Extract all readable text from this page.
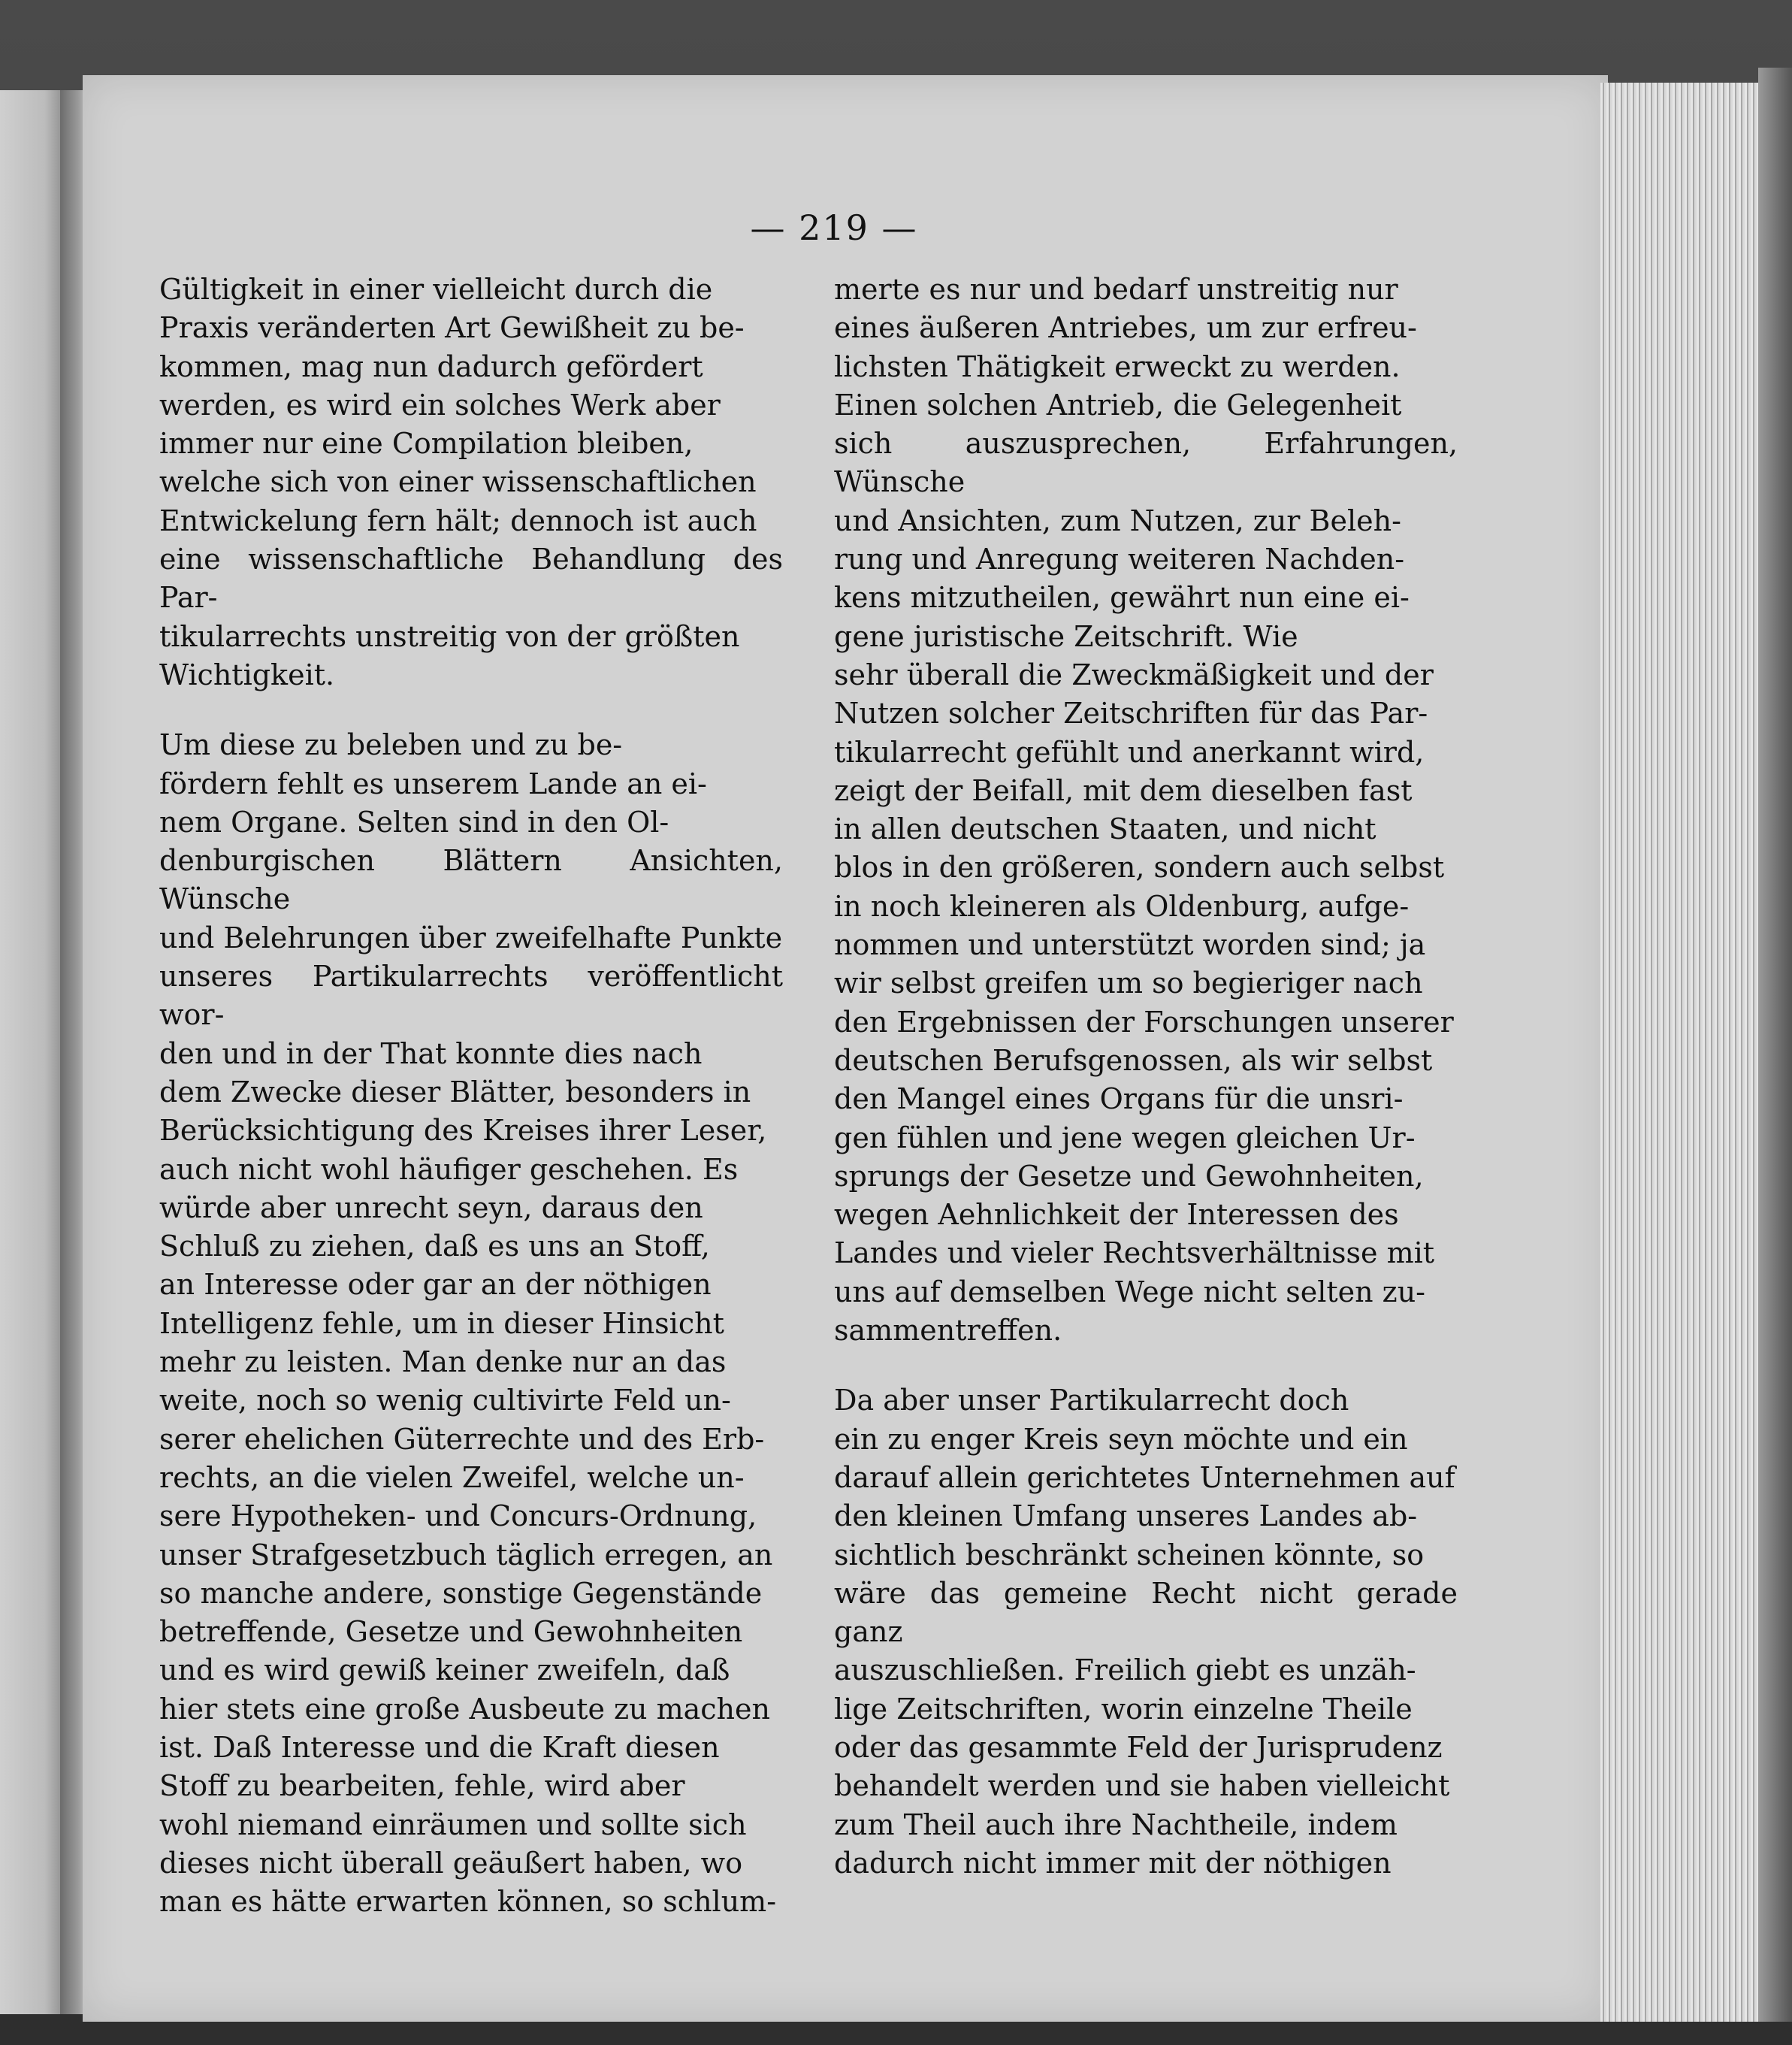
— 219 —

Gültigkeit in einer vielleicht durch die
Praxis veränderten Art Gewißheit zu be-
kommen, mag nun dadurch gefördert
werden, es wird ein solches Werk aber
immer nur eine Compilation bleiben,
welche sich von einer wissenschaftlichen
Entwickelung fern hält; dennoch ist auch
eine wissenschaftliche Behandlung des Par-
tikularrechts unstreitig von der größten
Wichtigkeit.

Um diese zu beleben und zu be-
fördern fehlt es unserem Lande an ei-
nem Organe. Selten sind in den Ol-
denburgischen Blättern Ansichten, Wünsche
und Belehrungen über zweifelhafte Punkte
unseres Partikularrechts veröffentlicht wor-
den und in der That konnte dies nach
dem Zwecke dieser Blätter, besonders in
Berücksichtigung des Kreises ihrer Leser,
auch nicht wohl häufiger geschehen. Es
würde aber unrecht seyn, daraus den
Schluß zu ziehen, daß es uns an Stoff,
an Interesse oder gar an der nöthigen
Intelligenz fehle, um in dieser Hinsicht
mehr zu leisten. Man denke nur an das
weite, noch so wenig cultivirte Feld un-
serer ehelichen Güterrechte und des Erb-
rechts, an die vielen Zweifel, welche un-
sere Hypotheken- und Concurs-Ordnung,
unser Strafgesetzbuch täglich erregen, an
so manche andere, sonstige Gegenstände
betreffende, Gesetze und Gewohnheiten
und es wird gewiß keiner zweifeln, daß
hier stets eine große Ausbeute zu machen
ist. Daß Interesse und die Kraft diesen
Stoff zu bearbeiten, fehle, wird aber
wohl niemand einräumen und sollte sich
dieses nicht überall geäußert haben, wo
man es hätte erwarten können, so schlum-

merte es nur und bedarf unstreitig nur
eines äußeren Antriebes, um zur erfreu-
lichsten Thätigkeit erweckt zu werden.
Einen solchen Antrieb, die Gelegenheit
sich auszusprechen, Erfahrungen, Wünsche
und Ansichten, zum Nutzen, zur Beleh-
rung und Anregung weiteren Nachden-
kens mitzutheilen, gewährt nun eine ei-
gene juristische Zeitschrift. Wie
sehr überall die Zweckmäßigkeit und der
Nutzen solcher Zeitschriften für das Par-
tikularrecht gefühlt und anerkannt wird,
zeigt der Beifall, mit dem dieselben fast
in allen deutschen Staaten, und nicht
blos in den größeren, sondern auch selbst
in noch kleineren als Oldenburg, aufge-
nommen und unterstützt worden sind; ja
wir selbst greifen um so begieriger nach
den Ergebnissen der Forschungen unserer
deutschen Berufsgenossen, als wir selbst
den Mangel eines Organs für die unsri-
gen fühlen und jene wegen gleichen Ur-
sprungs der Gesetze und Gewohnheiten,
wegen Aehnlichkeit der Interessen des
Landes und vieler Rechtsverhältnisse mit
uns auf demselben Wege nicht selten zu-
sammentreffen.

Da aber unser Partikularrecht doch
ein zu enger Kreis seyn möchte und ein
darauf allein gerichtetes Unternehmen auf
den kleinen Umfang unseres Landes ab-
sichtlich beschränkt scheinen könnte, so
wäre das gemeine Recht nicht gerade ganz
auszuschließen. Freilich giebt es unzäh-
lige Zeitschriften, worin einzelne Theile
oder das gesammte Feld der Jurisprudenz
behandelt werden und sie haben vielleicht
zum Theil auch ihre Nachtheile, indem
dadurch nicht immer mit der nöthigen
